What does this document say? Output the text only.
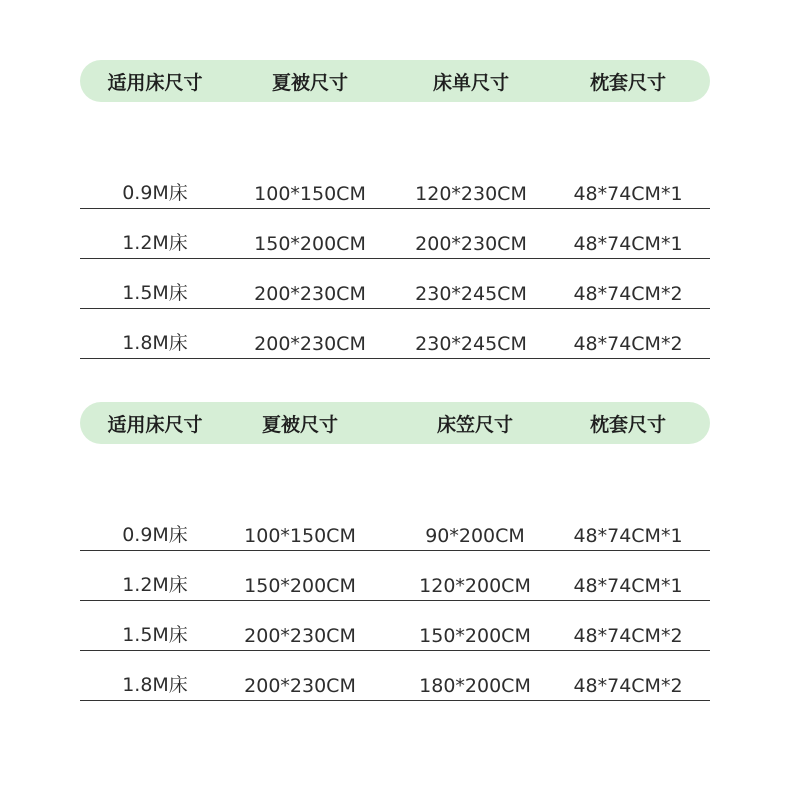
适用床尺寸	夏被尺寸	床单尺寸	枕套尺寸
0.9M床	100*150CM	120*230CM	48*74CM*1
1.2M床	150*200CM	200*230CM	48*74CM*1
1.5M床	200*230CM	230*245CM	48*74CM*2
1.8M床	200*230CM	230*245CM	48*74CM*2
适用床尺寸	夏被尺寸	床笠尺寸	枕套尺寸
0.9M床	100*150CM	90*200CM	48*74CM*1
1.2M床	150*200CM	120*200CM	48*74CM*1
1.5M床	200*230CM	150*200CM	48*74CM*2
1.8M床	200*230CM	180*200CM	48*74CM*2
